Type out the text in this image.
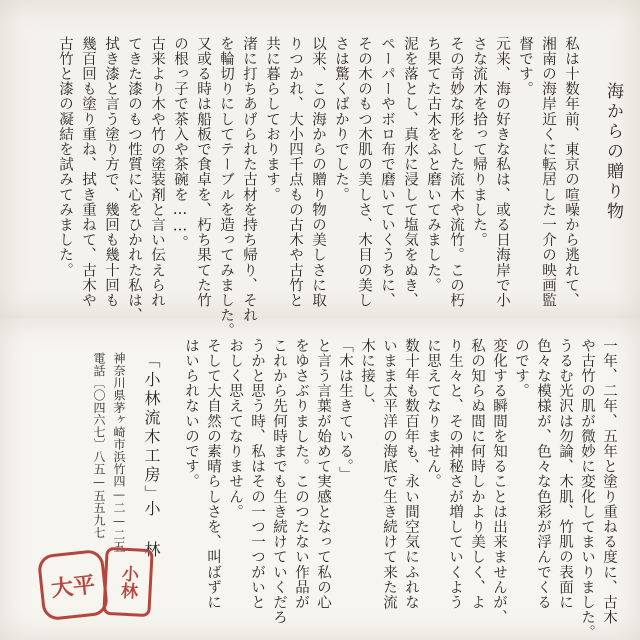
海からの贈り物
私は十数年前、東京の喧噪から逃れて、
湘南の海岸近くに転居した一介の映画監
督です。
元来、海の好きな私は、或る日海岸で小
さな流木を拾って帰りました。
その奇妙な形をした流木や流竹。この朽
ち果てた古木をふと磨いてみました。
泥を落とし、真水に浸して塩気をぬき、
ペーパーやボロ布で磨いていくうちに、
その木のもつ木肌の美しさ、木目の美し
さは驚くばかりでした。
以来、この海からの贈り物の美しさに取
りつかれ、大小四千点もの古木や古竹と
共に暮らしております。
渚に打ちあげられた古材を持ち帰り、それ
を輪切りにしてテーブルを造ってみました。
又或る時は船板で食卓を、朽ち果てた竹
の根っ子で茶入や茶碗を……。
古来より木や竹の塗装剤と言い伝えられ
てきた漆のもつ性質に心をひかれた私は、
拭き漆と言う塗り方で、幾回も幾十回も
幾百回も塗り重ね、拭き重ねて、古木や
古竹と漆の凝結を試みてみました。
一年、二年、五年と塗り重ねる度に、古木
や古竹の肌が微妙に変化してまいりました。
うるむ光沢は勿論、木肌、竹肌の表面に
色々な模様が、色々な色彩が浮んでくる
のです。
変化する瞬間を知ることは出来ませんが、
私の知らぬ間に何時しかより美しく、よ
り生々と、その神秘さが増していくよう
に思えてなりません。
数十年も数百年も、永い間空気にふれな
いまま太平洋の海底で生き続けて来た流
木に接し、
「木は生きている。」
と言う言葉が始めて実感となって私の心
をゆさぶりました。このつたない作品が
これから先何時までも生き続けていくだろ
うかと思う時、私はその一つ一つがいと
おしく思えてなりません。
そして大自然の素晴らしさを、叫ばずに
はいられないのです。
「小林流木工房」
小 林
神奈川県茅ヶ崎市浜竹四—二—二五
電話〔〇四六七〕八五—五五九七
大平 小林
